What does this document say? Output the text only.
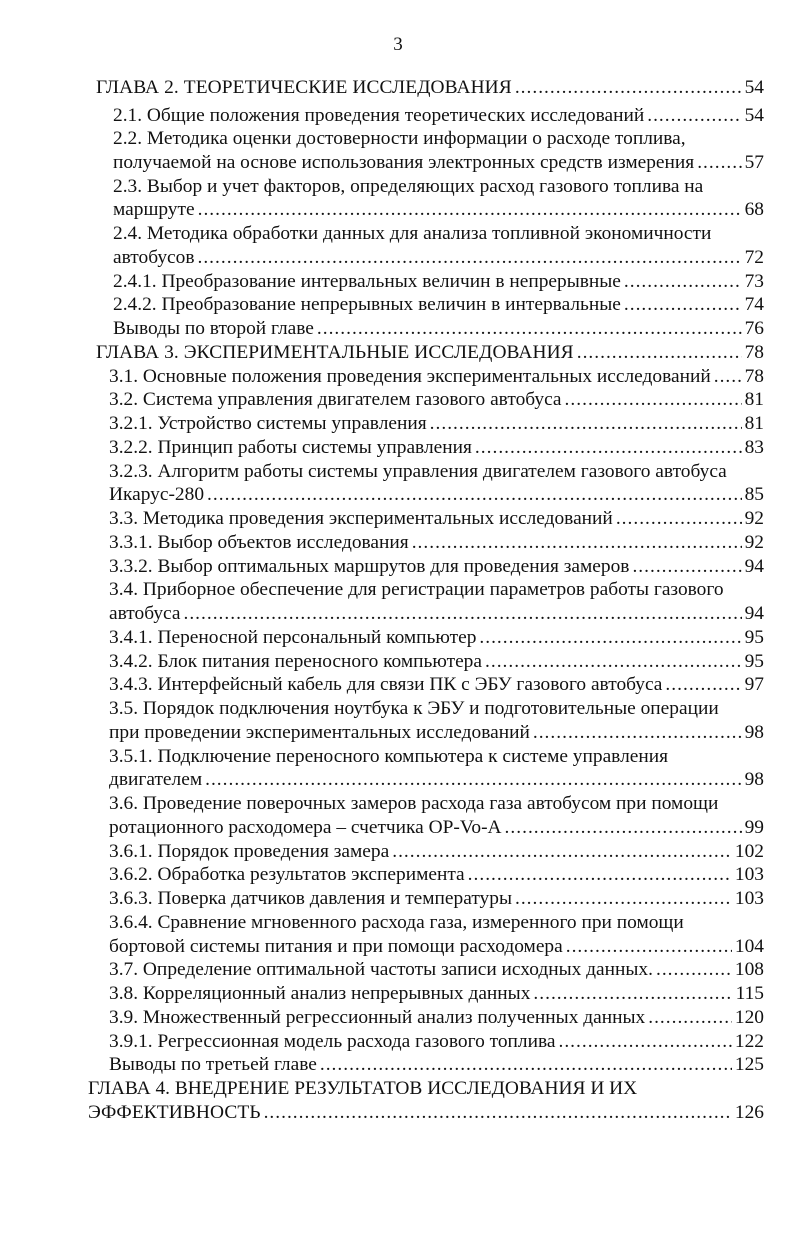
3
ГЛАВА 2. ТЕОРЕТИЧЕСКИЕ ИССЛЕДОВАНИЯ .....	54
2.1. Общие положения проведения теоретических исследований .....	54
2.2. Методика оценки достоверности информации о расходе топлива,
получаемой на основе использования электронных средств измерения .....	57
2.3. Выбор и учет факторов, определяющих расход газового топлива на
маршруте .....	68
2.4. Методика обработки данных для анализа топливной экономичности
автобусов .....	72
2.4.1. Преобразование интервальных величин в непрерывные .....	73
2.4.2. Преобразование непрерывных величин в интервальные .....	74
Выводы по второй главе .....	76
ГЛАВА 3. ЭКСПЕРИМЕНТАЛЬНЫЕ ИССЛЕДОВАНИЯ .....	78
3.1. Основные положения проведения экспериментальных исследований ..... 78
3.2. Система управления двигателем газового автобуса .....	81
3.2.1. Устройство системы управления .....	81
3.2.2. Принцип работы системы управления .....	83
3.2.3. Алгоритм работы системы управления двигателем газового автобуса
Икарус-280 .....	85
3.3. Методика проведения экспериментальных исследований .....	92
3.3.1. Выбор объектов исследования .....	92
3.3.2. Выбор оптимальных маршрутов для проведения замеров .....	94
3.4. Приборное обеспечение для регистрации параметров работы газового
автобуса .....	94
3.4.1. Переносной персональный компьютер .....	95
3.4.2. Блок питания переносного компьютера .....	95
3.4.3. Интерфейсный кабель для связи ПК с ЭБУ газового автобуса .....	97
3.5. Порядок подключения ноутбука к ЭБУ и подготовительные операции
при проведении экспериментальных исследований .....	98
3.5.1. Подключение переносного компьютера к системе управления
двигателем .....	98
3.6. Проведение поверочных замеров расхода газа автобусом при помощи
ротационного расходомера – счетчика OP-Vo-A .....	99
3.6.1. Порядок проведения замера .....	102
3.6.2. Обработка результатов эксперимента .....	103
3.6.3. Поверка датчиков давления и температуры .....	103
3.6.4. Сравнение мгновенного расхода газа, измеренного при помощи
бортовой системы питания и при помощи расходомера .....	104
3.7. Определение оптимальной частоты записи исходных данных. .....	108
3.8. Корреляционный анализ непрерывных данных .....	115
3.9. Множественный регрессионный анализ полученных данных .....	120
3.9.1. Регрессионная модель расхода газового топлива .....	122
Выводы по третьей главе .....	125
ГЛАВА 4. ВНЕДРЕНИЕ РЕЗУЛЬТАТОВ ИССЛЕДОВАНИЯ И ИХ
ЭФФЕКТИВНОСТЬ .....	126
